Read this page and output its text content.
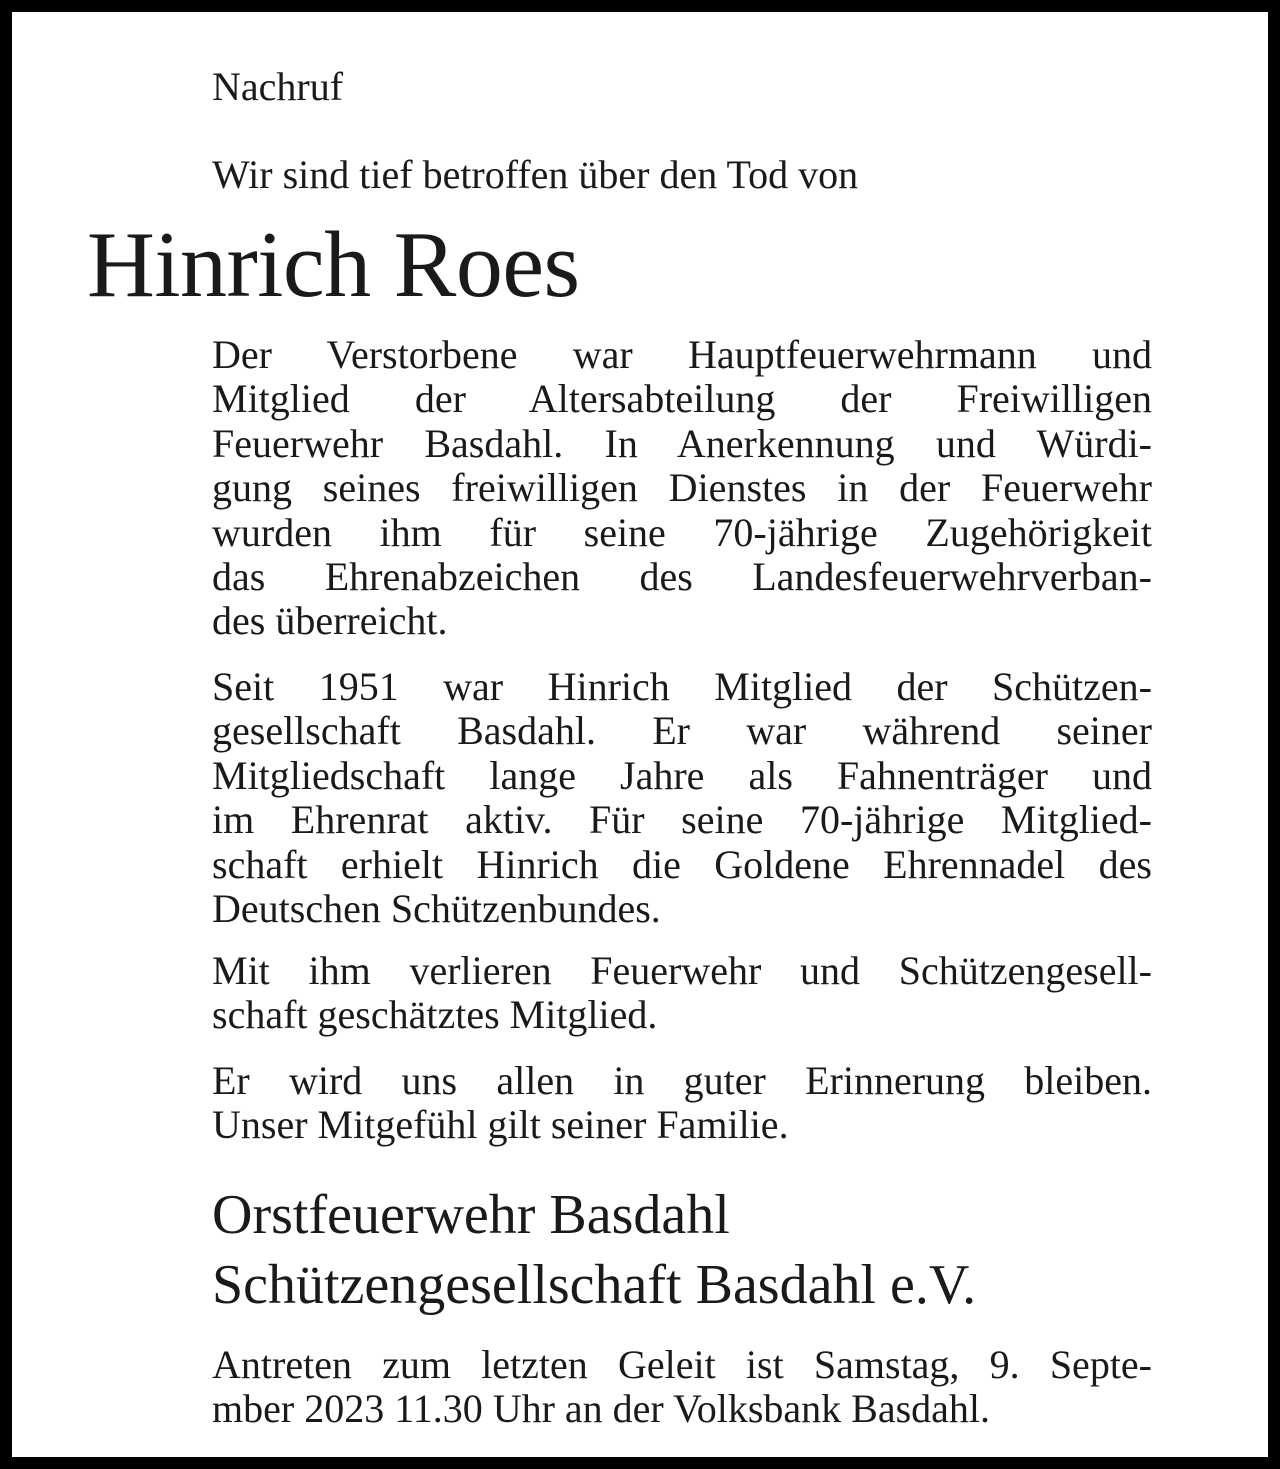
Nachruf
Wir sind tief betroffen über den Tod von
Hinrich Roes
Der Verstorbene war Hauptfeuerwehrmann und
Mitglied der Altersabteilung der Freiwilligen
Feuerwehr Basdahl. In Anerkennung und Würdi-
gung seines freiwilligen Dienstes in der Feuerwehr
wurden ihm für seine 70-jährige Zugehörigkeit
das Ehrenabzeichen des Landesfeuerwehrverban-
des überreicht.
Seit 1951 war Hinrich Mitglied der Schützen-
gesellschaft Basdahl. Er war während seiner
Mitgliedschaft lange Jahre als Fahnenträger und
im Ehrenrat aktiv. Für seine 70-jährige Mitglied-
schaft erhielt Hinrich die Goldene Ehrennadel des
Deutschen Schützenbundes.
Mit ihm verlieren Feuerwehr und Schützengesell-
schaft geschätztes Mitglied.
Er wird uns allen in guter Erinnerung bleiben.
Unser Mitgefühl gilt seiner Familie.
Orstfeuerwehr Basdahl
Schützengesellschaft Basdahl e.V.
Antreten zum letzten Geleit ist Samstag, 9. Septe-
mber 2023 11.30 Uhr an der Volksbank Basdahl.
